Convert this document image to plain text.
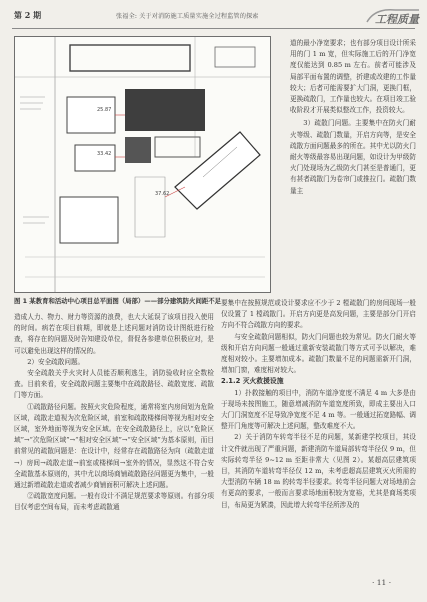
第 2 期	张福全: 关于对消防施工质量实施全过程监管的探索	工程质量
25.87
33.42
37.62
图 1 某教育和活动中心项目总平面图（局部）——部分建筑防火间距不足

道的最小净宽要求；也有部分项目设计所采用的门 1 m 宽，但实际施工后的开门净宽度仅能达到 0.85 m 左右。前者可能涉及局部平面布置的调整，折建或改建的工作量较大；后者可能需要扩大门洞，更换门框，更换疏散门，工作量也较大。在项目竣工验收阶段才开展类似整改工作，投资较大。

3）疏散门问题。主要集中在防火门耐火等级、疏散门数量，开启方向等，是安全疏散方面问题最多的所在。其中尤以防火门耐火等级最容易出现问题，如设计为甲级防火门处现场为乙级防火门甚至是普通门，更有甚者疏散门为卷帘门或推拉门。疏散门数量主

造成人力、物力、财力等资源的浪费，也大大延误了该项目投入使用的时间。病若在项目前期，即就是上述问题对消防设计图纸进行检查，将存在的问题及时告知建设单位，督促各参建单位积极应对，是可以避免出现这样的情况的。

2）安全疏散问题。

安全疏散关乎火灾时人员能否顺利逃生，消防验收时应全数检查。目前来看，安全疏散问题主要集中在疏散路径、疏散宽度、疏散门等方面。

①疏散路径问题。按照火灾危险程度，通常将室内房间划为危险区域，疏散走道视为次危险区域，前室和疏散楼梯间等视为相对安全区域，室外地面等视为安全区域。在安全疏散路径上，应以“危险区域”→“次危险区域”→“相对安全区域”→“安全区域”为基本原则，而目前常见的疏散问题是：在设计中，经常存在疏散路径为向（疏散走道→）房间→疏散走道→前室或楼梯间→室外的情况，显然这不符合安全疏散基本原则的，其中尤以商场商铺疏散路径问题更为集中，一般通过新增疏散走道或者减少商铺面积可解决上述问题。

②疏散宽度问题。一般有设计不满足规范要求等原则。有部分项目仅考虑空间布局，而未考虑疏散通

要集中在按照规范或设计要求应不少于 2 樘疏散门的房间现场一般仅设置了 1 樘疏散门。开启方向更是高发问题，主要是部分门开启方向不符合疏散方向的要求。

与安全疏散问题相似，防火门问题也较为常见。防火门耐火等级和开启方向问题一般通过重新安装疏散门等方式可予以解决，难度相对较小。主要增加成本。疏散门数量不足的问题需新开门洞，增加门窗，难度相对较大。

2.1.2 灭火救援设施

1）扑救接触的项目中，消防车道净宽度不满足 4 m 大多是由于现场未按图施工，随意增减消防车道宽度所致，即成主要出入口大门门洞宽度不足导致净宽度不足 4 m 等。一般通过拓宽路幅、调整开门角度等可解决上述问题，整改难度不大。

2）关于消防车转弯半径不足的问题，某新建学校项目，其设计文件就出现了严重问题，新建消防车道局部转弯半径仅 9 m，但实际转弯半径 9~12 m 至距非常大（见图 2）。某超高层建筑项目，其消防车道转弯半径仅 12 m，未考虑超高层建筑灭火所需的大型消防车辆 18 m 的转弯半径要求。转弯半径问题大对场地前会有更高的要求，一般而言要求场地面积较为宽裕，尤其是商场类项目，布局更为紧凑，因此增大转弯半径所涉及的

· 11 ·
